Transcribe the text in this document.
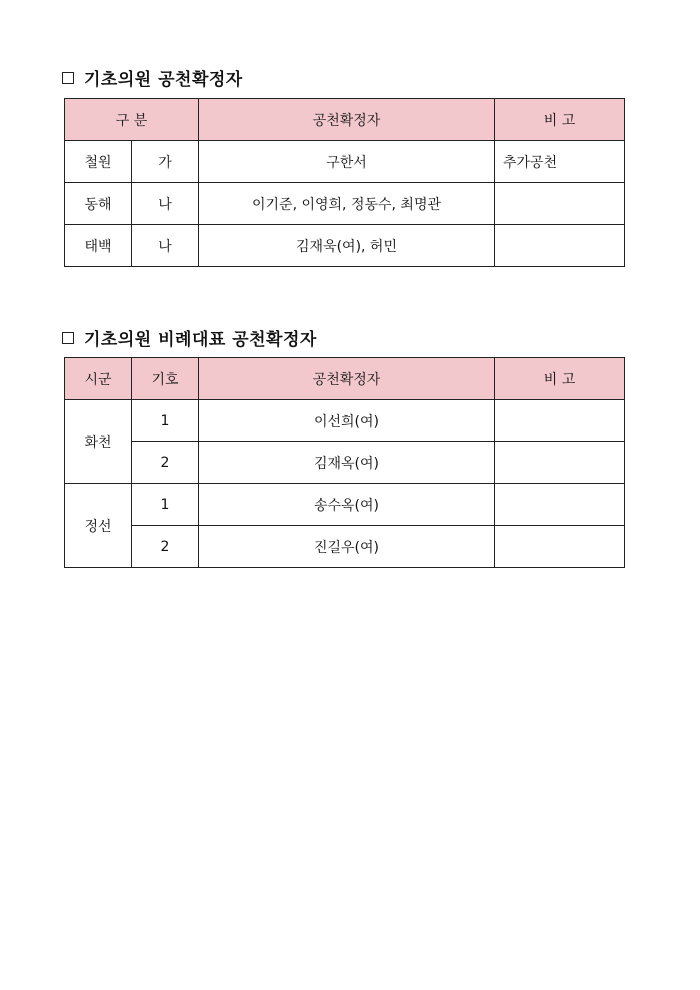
기초의원 공천확정자
구 분		공천확정자	비 고
철원	가	구한서	추가공천
동해	나	이기준, 이영희, 정동수, 최명관	
태백	나	김재욱(여), 허민	
기초의원 비례대표 공천확정자
시군	기호	공천확정자	비 고
화천	1	이선희(여)	
	2	김재옥(여)	
정선	1	송수옥(여)	
	2	진길우(여)	
